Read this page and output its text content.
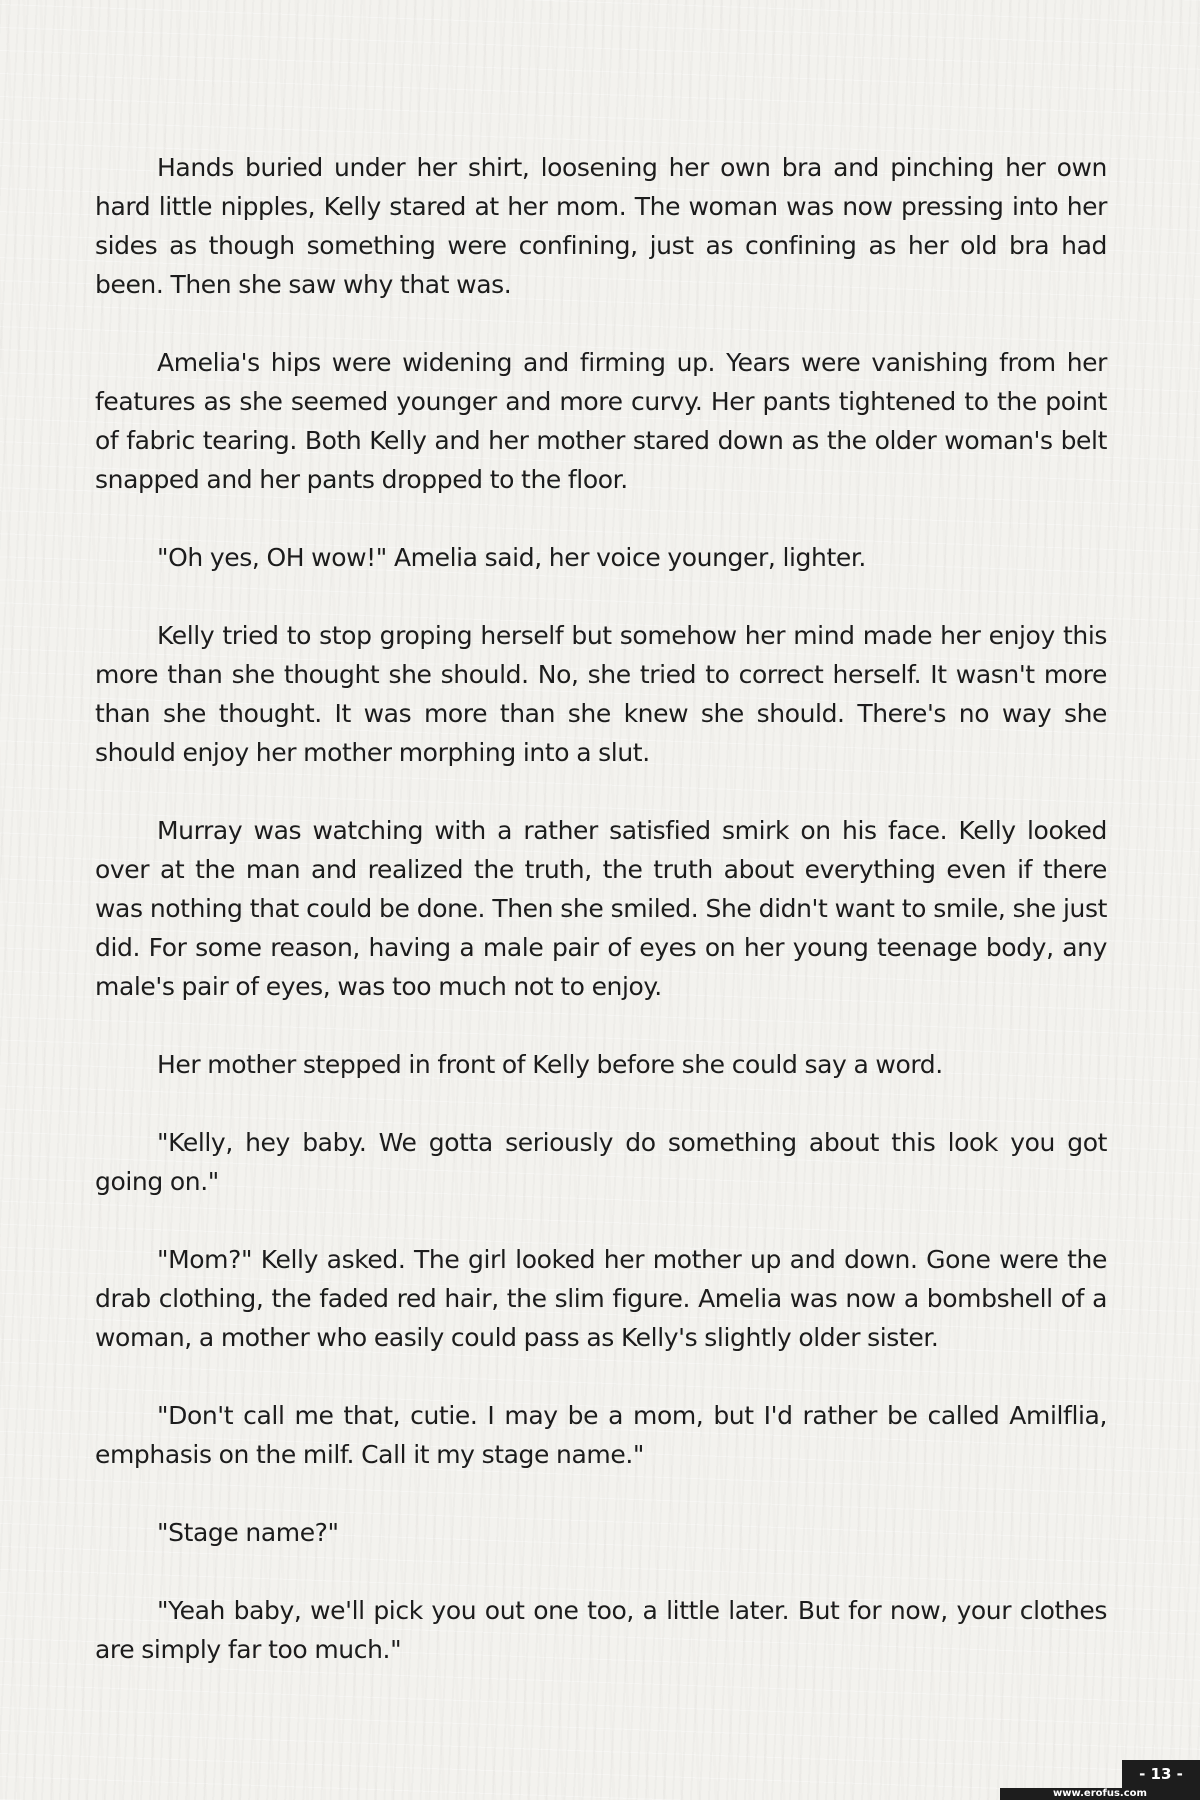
Hands buried under her shirt, loosening her own bra and pinching her own hard little nipples, Kelly stared at her mom. The woman was now pressing into her sides as though something were confining, just as confining as her old bra had been. Then she saw why that was.

Amelia's hips were widening and firming up. Years were vanishing from her features as she seemed younger and more curvy. Her pants tightened to the point of fabric tearing. Both Kelly and her mother stared down as the older woman's belt snapped and her pants dropped to the floor.

"Oh yes, OH wow!" Amelia said, her voice younger, lighter.

Kelly tried to stop groping herself but somehow her mind made her enjoy this more than she thought she should. No, she tried to correct herself. It wasn't more than she thought. It was more than she knew she should. There's no way she should enjoy her mother morphing into a slut.

Murray was watching with a rather satisfied smirk on his face. Kelly looked over at the man and realized the truth, the truth about everything even if there was nothing that could be done. Then she smiled. She didn't want to smile, she just did. For some reason, having a male pair of eyes on her young teenage body, any male's pair of eyes, was too much not to enjoy.

Her mother stepped in front of Kelly before she could say a word.

"Kelly, hey baby. We gotta seriously do something about this look you got going on."

"Mom?" Kelly asked. The girl looked her mother up and down. Gone were the drab clothing, the faded red hair, the slim figure. Amelia was now a bombshell of a woman, a mother who easily could pass as Kelly's slightly older sister.

"Don't call me that, cutie. I may be a mom, but I'd rather be called Amilflia, emphasis on the milf. Call it my stage name."

"Stage name?"

"Yeah baby, we'll pick you out one too, a little later. But for now, your clothes are simply far too much."

- 13 -
www.erofus.com
